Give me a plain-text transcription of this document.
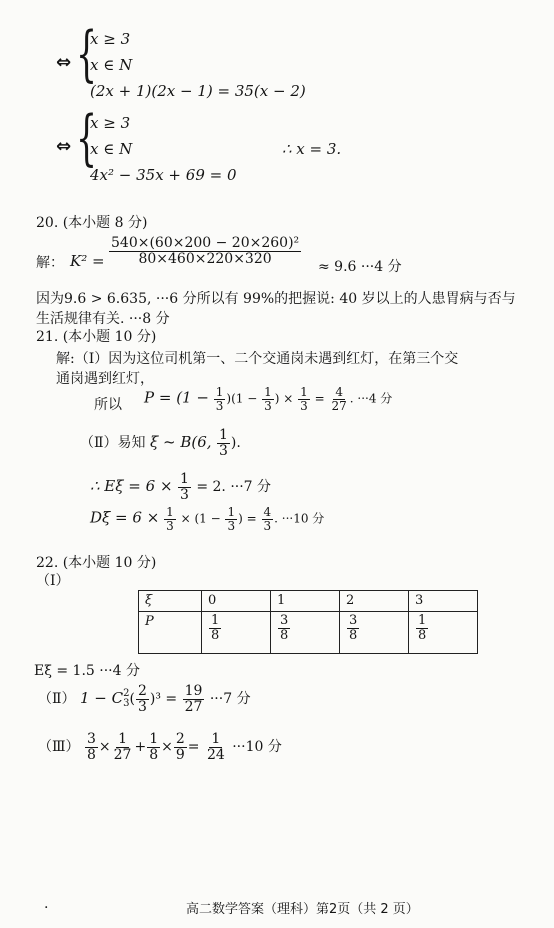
⇔ {
x ≥ 3
x ∈ N
(2x + 1)(2x − 1) = 35(x − 2)
⇔ {
x ≥ 3
x ∈ N
4x² − 35x + 69 = 0
∴ x = 3.
20. (本小题 8 分)
解： $K^2 = \frac{\text{540×(60×200 − 20×260)²}}{80\times 460\times 220\times 320}$
≈ 9.6 ···4 分
因为9.6 > 6.635, ···6 分所以有 99%的把握说: 40 岁以上的人患胃病与否与
生活规律有关. ···8 分
21. (本小题 10 分)
解:（Ⅰ）因为这位司机第一、二个交通岗未遇到红灯，在第三个交
通岗遇到红灯，
所以 $P = (1 - \frac{1}{3} )(1 - \frac{1}{3}$ ) × $\frac{1}{3} = \frac{4}{27}$ . ···4 分
（Ⅱ）易知 ξ ~ B(6, $\frac{1}{3}$ ).
∴ $E\xi = 6 \times \frac{1}{3} = 2$. ···7 分
$D\xi = 6 \times \frac{1}{3} \times (1 - \frac{1}{3}$ ) = $\frac{4}{3}$ . ···10 分
22. (本小题 10 分)
（Ⅰ）
ξ	0	1	2	3
P	$\frac{1}{8}$	$\frac{3}{8}$	$\frac{3}{8}$	$\frac{1}{8}$
Eξ = 1.5 ···4 分
（Ⅱ） 1 − C 2
3 ( $\frac{2}{3} )^3 = \frac{19}{27} \cdot\cdot\cdot 7$ 分
（Ⅲ） $\frac{3}{8} \times \frac{1}{27} + \frac{1}{8} \times \frac{2}{9} = \frac{1}{24} \cdot\cdot\cdot 10$ 分
.	高二数学答案（理科）第2页（共 2 页）
